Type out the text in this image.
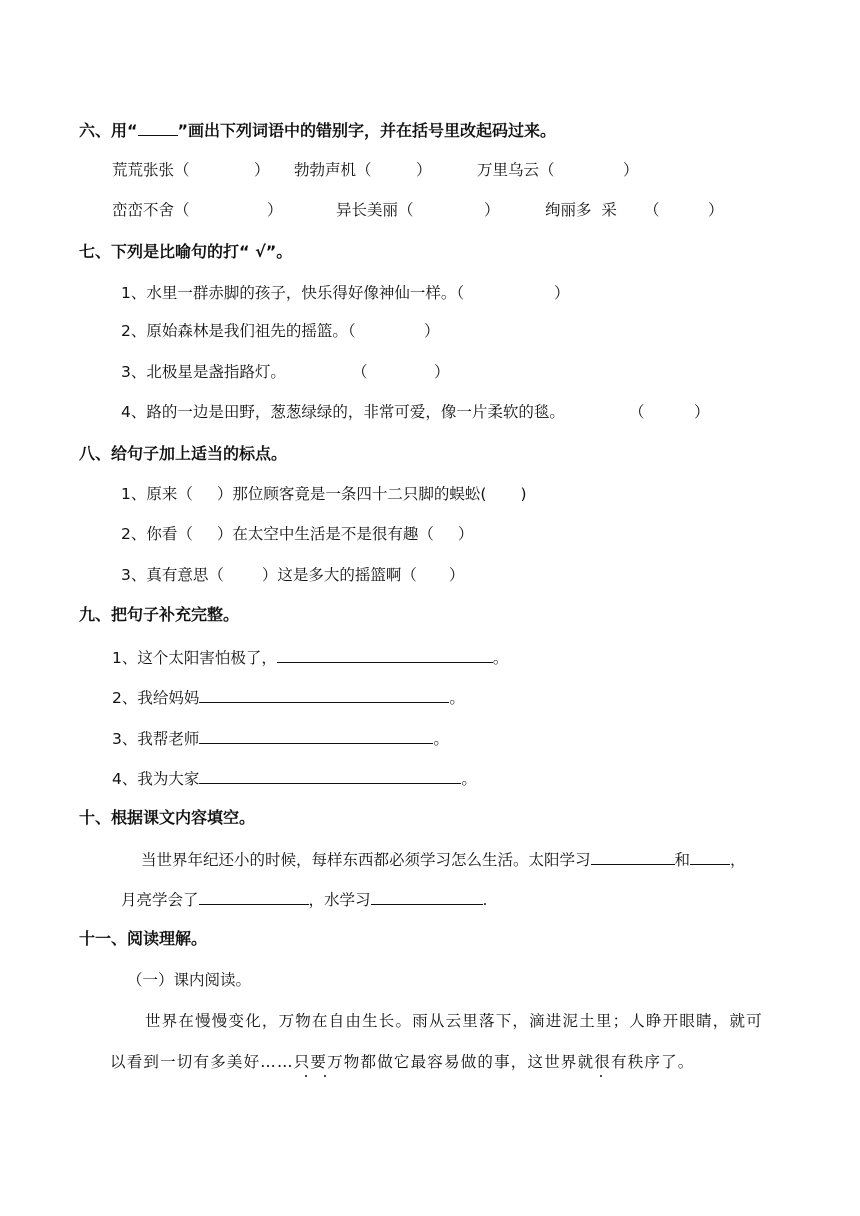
六、用“	”画出下列词语中的错别字，并在括号里改起码过来。
荒荒张张（	） 勃勃声机（	）	万里乌云（	）
峦峦不舍（	）	异长美丽（	）	绚丽多  采 （	）
七、下列是比喻句的打“ √”。
1、水里一群赤脚的孩子，快乐得好像神仙一样。（	）
2、原始森林是我们祖先的摇篮。（	）
3、北极星是盏指路灯。	（	）
4、路的一边是田野，葱葱绿绿的，非常可爱，像一片柔软的毯。	（	）
八、给句子加上适当的标点。
1、原来（ ）那位顾客竟是一条四十二只脚的蜈蚣( )
2、你看（ ）在太空中生活是不是很有趣（ ）
3、真有意思（ ）这是多大的摇篮啊（ ）
九、把句子补充完整。
1、这个太阳害怕极了，	。
2、我给妈妈	。
3、我帮老师	。
4、我为大家	。
十、根据课文内容填空。
当世界年纪还小的时候，每样东西都必须学习怎么生活。太阳学习	和	，
月亮学会了	，水学习	.
十一、阅读理解。
（一）课内阅读。
世界在慢慢变化，万物在自由生长。雨从云里落下，滴进泥土里；人睁开眼睛，就可
以看到一切有多美好……只要万物都做它最容易做的事，这世界就很有秩序了。
